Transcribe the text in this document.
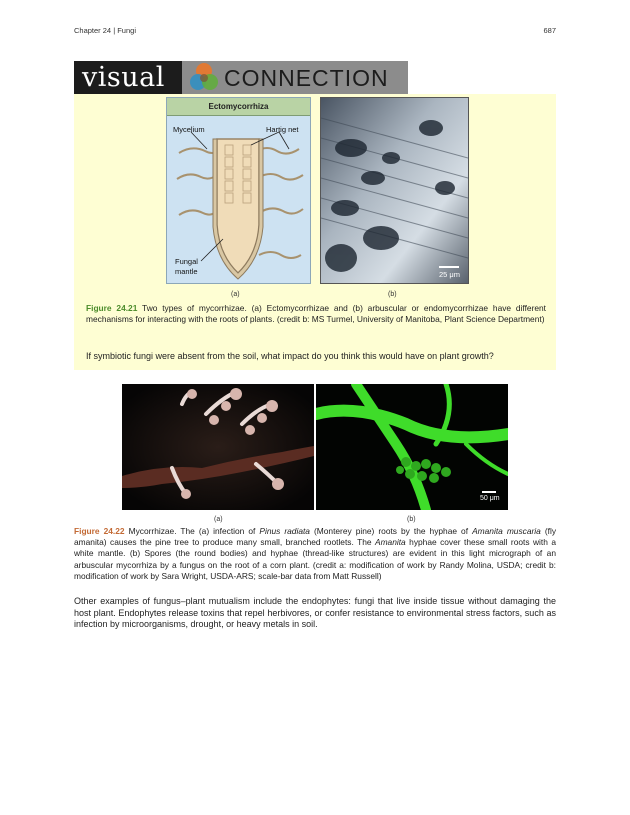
Chapter 24 | Fungi	687
visual	CONNECTION
Ectomycorrhiza
Mycelium	Hartig net
Fungal
mantle	25 μm
(a)	(b)
Figure 24.21 Two types of mycorrhizae. (a) Ectomycorrhizae and (b) arbuscular or endomycorrhizae have different mechanisms for interacting with the roots of plants. (credit b: MS Turmel, University of Manitoba, Plant Science Department)
If symbiotic fungi were absent from the soil, what impact do you think this would have on plant growth?
50 μm
(a)	(b)
Figure 24.22 Mycorrhizae. The (a) infection of Pinus radiata (Monterey pine) roots by the hyphae of Amanita muscaria (fly amanita) causes the pine tree to produce many small, branched rootlets. The Amanita hyphae cover these small roots with a white mantle. (b) Spores (the round bodies) and hyphae (thread-like structures) are evident in this light micrograph of an arbuscular mycorrhiza by a fungus on the root of a corn plant. (credit a: modification of work by Randy Molina, USDA; credit b: modification of work by Sara Wright, USDA-ARS; scale-bar data from Matt Russell)
Other examples of fungus–plant mutualism include the endophytes: fungi that live inside tissue without damaging the host plant. Endophytes release toxins that repel herbivores, or confer resistance to environmental stress factors, such as infection by microorganisms, drought, or heavy metals in soil.
